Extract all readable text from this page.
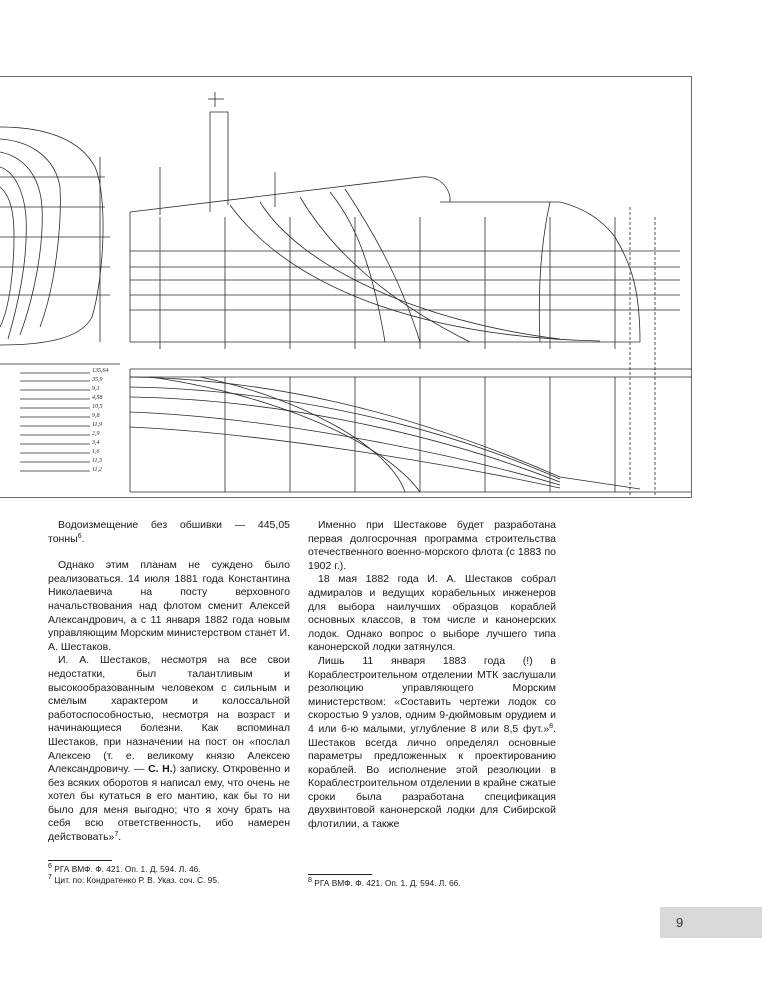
135,64
35,9
9,3
4,58
10,5
9,8
11,9
2,9
3,4
1,6
11,3
11,2

Водоизмещение без обшивки — 445,05 тонны$^6$.

Однако этим планам не суждено было реализоваться. 14 июля 1881 года Константина Николаевича на посту верховного начальствования над флотом сменит Алексей Александрович, а с 11 января 1882 года новым управляющим Морским министерством станет И. А. Шестаков.

И. А. Шестаков, несмотря на все свои недостатки, был талантливым и высокообразованным человеком с сильным и смелым характером и колоссальной работоспособностью, несмотря на возраст и начинающиеся болезни. Как вспоминал Шестаков, при назначении на пост он «послал Алексею (т. е. великому князю Алексею Александровичу. — С. Н.) записку. Откровенно и без всяких оборотов я написал ему, что очень не хотел бы кутаться в его мантию, как бы то ни было для меня выгодно; что я хочу брать на себя всю ответственность, ибо намерен действовать»$^7$.

Именно при Шестакове будет разработана первая долгосрочная программа строительства отечественного военно-морского флота (с 1883 по 1902 г.).

18 мая 1882 года И. А. Шестаков собрал адмиралов и ведущих корабельных инженеров для выбора наилучших образцов кораблей основных классов, в том числе и канонерских лодок. Однако вопрос о выборе лучшего типа канонерской лодки затянулся.

Лишь 11 января 1883 года (!) в Кораблестроительном отделении МТК заслушали резолюцию управляющего Морским министерством: «Составить чертежи лодок со скоростью 9 узлов, одним 9-дюймовым орудием и 4 или 6-ю малыми, углубление 8 или 8,5 фут.»$^8$. Шестаков всегда лично определял основные параметры предложенных к проектированию кораблей. Во исполнение этой резолюции в Кораблестроительном отделении в крайне сжатые сроки была разработана спецификация двухвинтовой канонерской лодки для Сибирской флотилии, а также

$^6$ РГА ВМФ. Ф. 421. Оп. 1. Д. 594. Л. 46.
$^7$ Цит. по: Кондратенко Р. В. Указ. соч. С. 95.	$^8$ РГА ВМФ. Ф. 421. Оп. 1. Д. 594. Л. 66.
9
